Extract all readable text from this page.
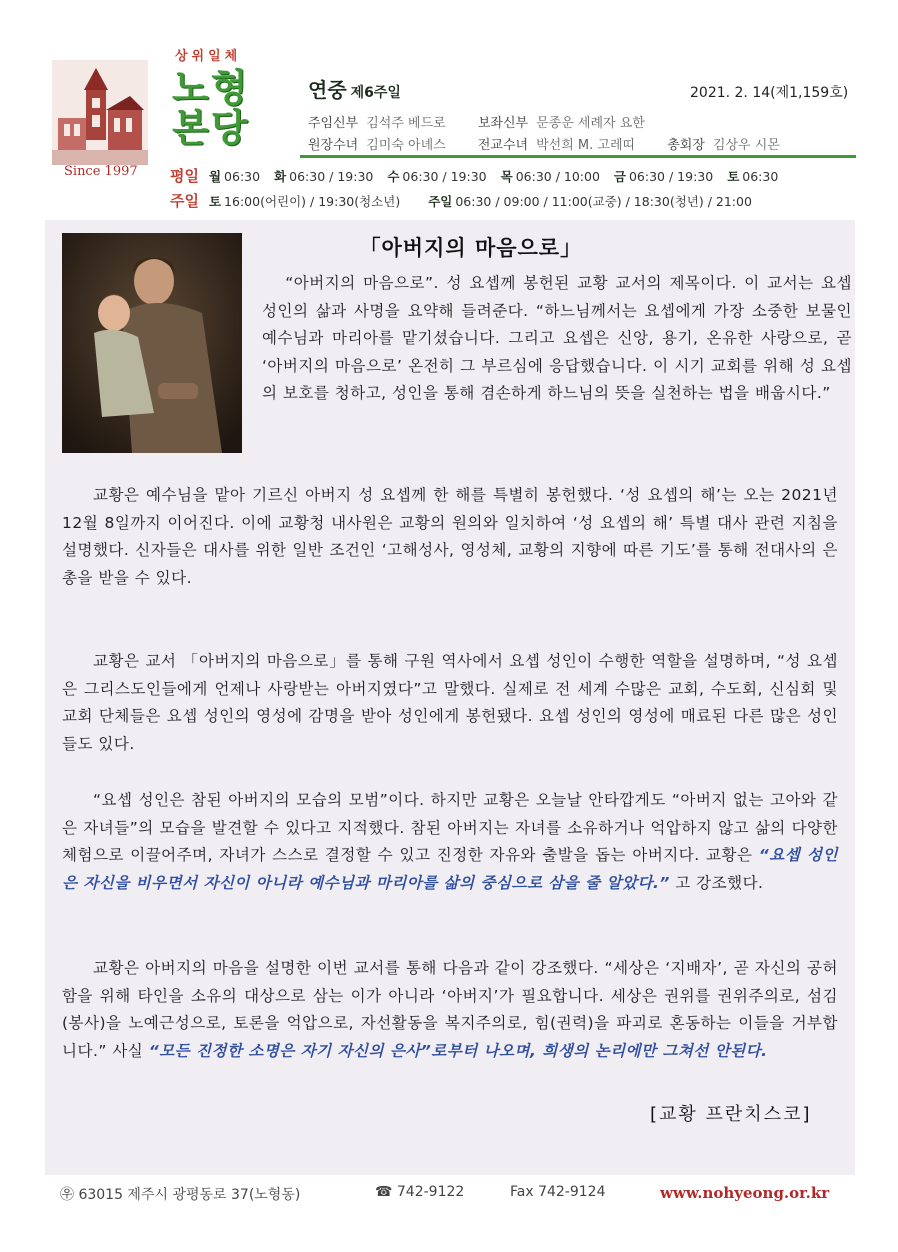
Since 1997
상위일체
노형
본당
연중 제6주일	2021. 2. 14(제1,159호)
주임신부 김석주 베드로 보좌신부 문종운 세례자 요한
원장수녀 김미숙 아녜스 전교수녀 박선희 M. 고레띠 총회장 김상우 시몬
평일 월 06:30 화 06:30 / 19:30 수 06:30 / 19:30 목 06:30 / 10:00 금 06:30 / 19:30 토 06:30
주일 토 16:00(어린이) / 19:30(청소년) 주일 06:30 / 09:00 / 11:00(교중) / 18:30(청년) / 21:00
｢아버지의 마음으로｣
“아버지의 마음으로”. 성 요셉께 봉헌된 교황 교서의 제목이다. 이 교서는 요셉 성인의 삶과 사명을 요약해 들려준다. “하느님께서는 요셉에게 가장 소중한 보물인 예수님과 마리아를 맡기셨습니다. 그리고 요셉은 신앙, 용기, 온유한 사랑으로, 곧 ‘아버지의 마음으로’ 온전히 그 부르심에 응답했습니다. 이 시기 교회를 위해 성 요셉의 보호를 청하고, 성인을 통해 겸손하게 하느님의 뜻을 실천하는 법을 배웁시다.”
교황은 예수님을 맡아 기르신 아버지 성 요셉께 한 해를 특별히 봉헌했다. ‘성 요셉의 해’는 오는 2021년 12월 8일까지 이어진다. 이에 교황청 내사원은 교황의 원의와 일치하여 ‘성 요셉의 해’ 특별 대사 관련 지침을 설명했다. 신자들은 대사를 위한 일반 조건인 ‘고해성사, 영성체, 교황의 지향에 따른 기도’를 통해 전대사의 은총을 받을 수 있다.
교황은 교서 「아버지의 마음으로」를 통해 구원 역사에서 요셉 성인이 수행한 역할을 설명하며, “성 요셉은 그리스도인들에게 언제나 사랑받는 아버지였다”고 말했다. 실제로 전 세계 수많은 교회, 수도회, 신심회 및 교회 단체들은 요셉 성인의 영성에 감명을 받아 성인에게 봉헌됐다. 요셉 성인의 영성에 매료된 다른 많은 성인들도 있다.
“요셉 성인은 참된 아버지의 모습의 모범”이다. 하지만 교황은 오늘날 안타깝게도 “아버지 없는 고아와 같은 자녀들”의 모습을 발견할 수 있다고 지적했다. 참된 아버지는 자녀를 소유하거나 억압하지 않고 삶의 다양한 체험으로 이끌어주며, 자녀가 스스로 결정할 수 있고 진정한 자유와 출발을 돕는 아버지다. 교황은 “요셉 성인은 자신을 비우면서 자신이 아니라 예수님과 마리아를 삶의 중심으로 삼을 줄 알았다.” 고 강조했다.
교황은 아버지의 마음을 설명한 이번 교서를 통해 다음과 같이 강조했다. “세상은 ‘지배자’, 곧 자신의 공허함을 위해 타인을 소유의 대상으로 삼는 이가 아니라 ‘아버지’가 필요합니다. 세상은 권위를 권위주의로, 섬김(봉사)을 노예근성으로, 토론을 억압으로, 자선활동을 복지주의로, 힘(권력)을 파괴로 혼동하는 이들을 거부합니다.” 사실 “모든 진정한 소명은 자기 자신의 은사”로부터 나오며, 희생의 논리에만 그쳐선 안된다.
[교황 프란치스코]
㉾ 63015 제주시 광평동로 37(노형동)	☎ 742-9122	Fax 742-9124	www.nohyeong.or.kr
